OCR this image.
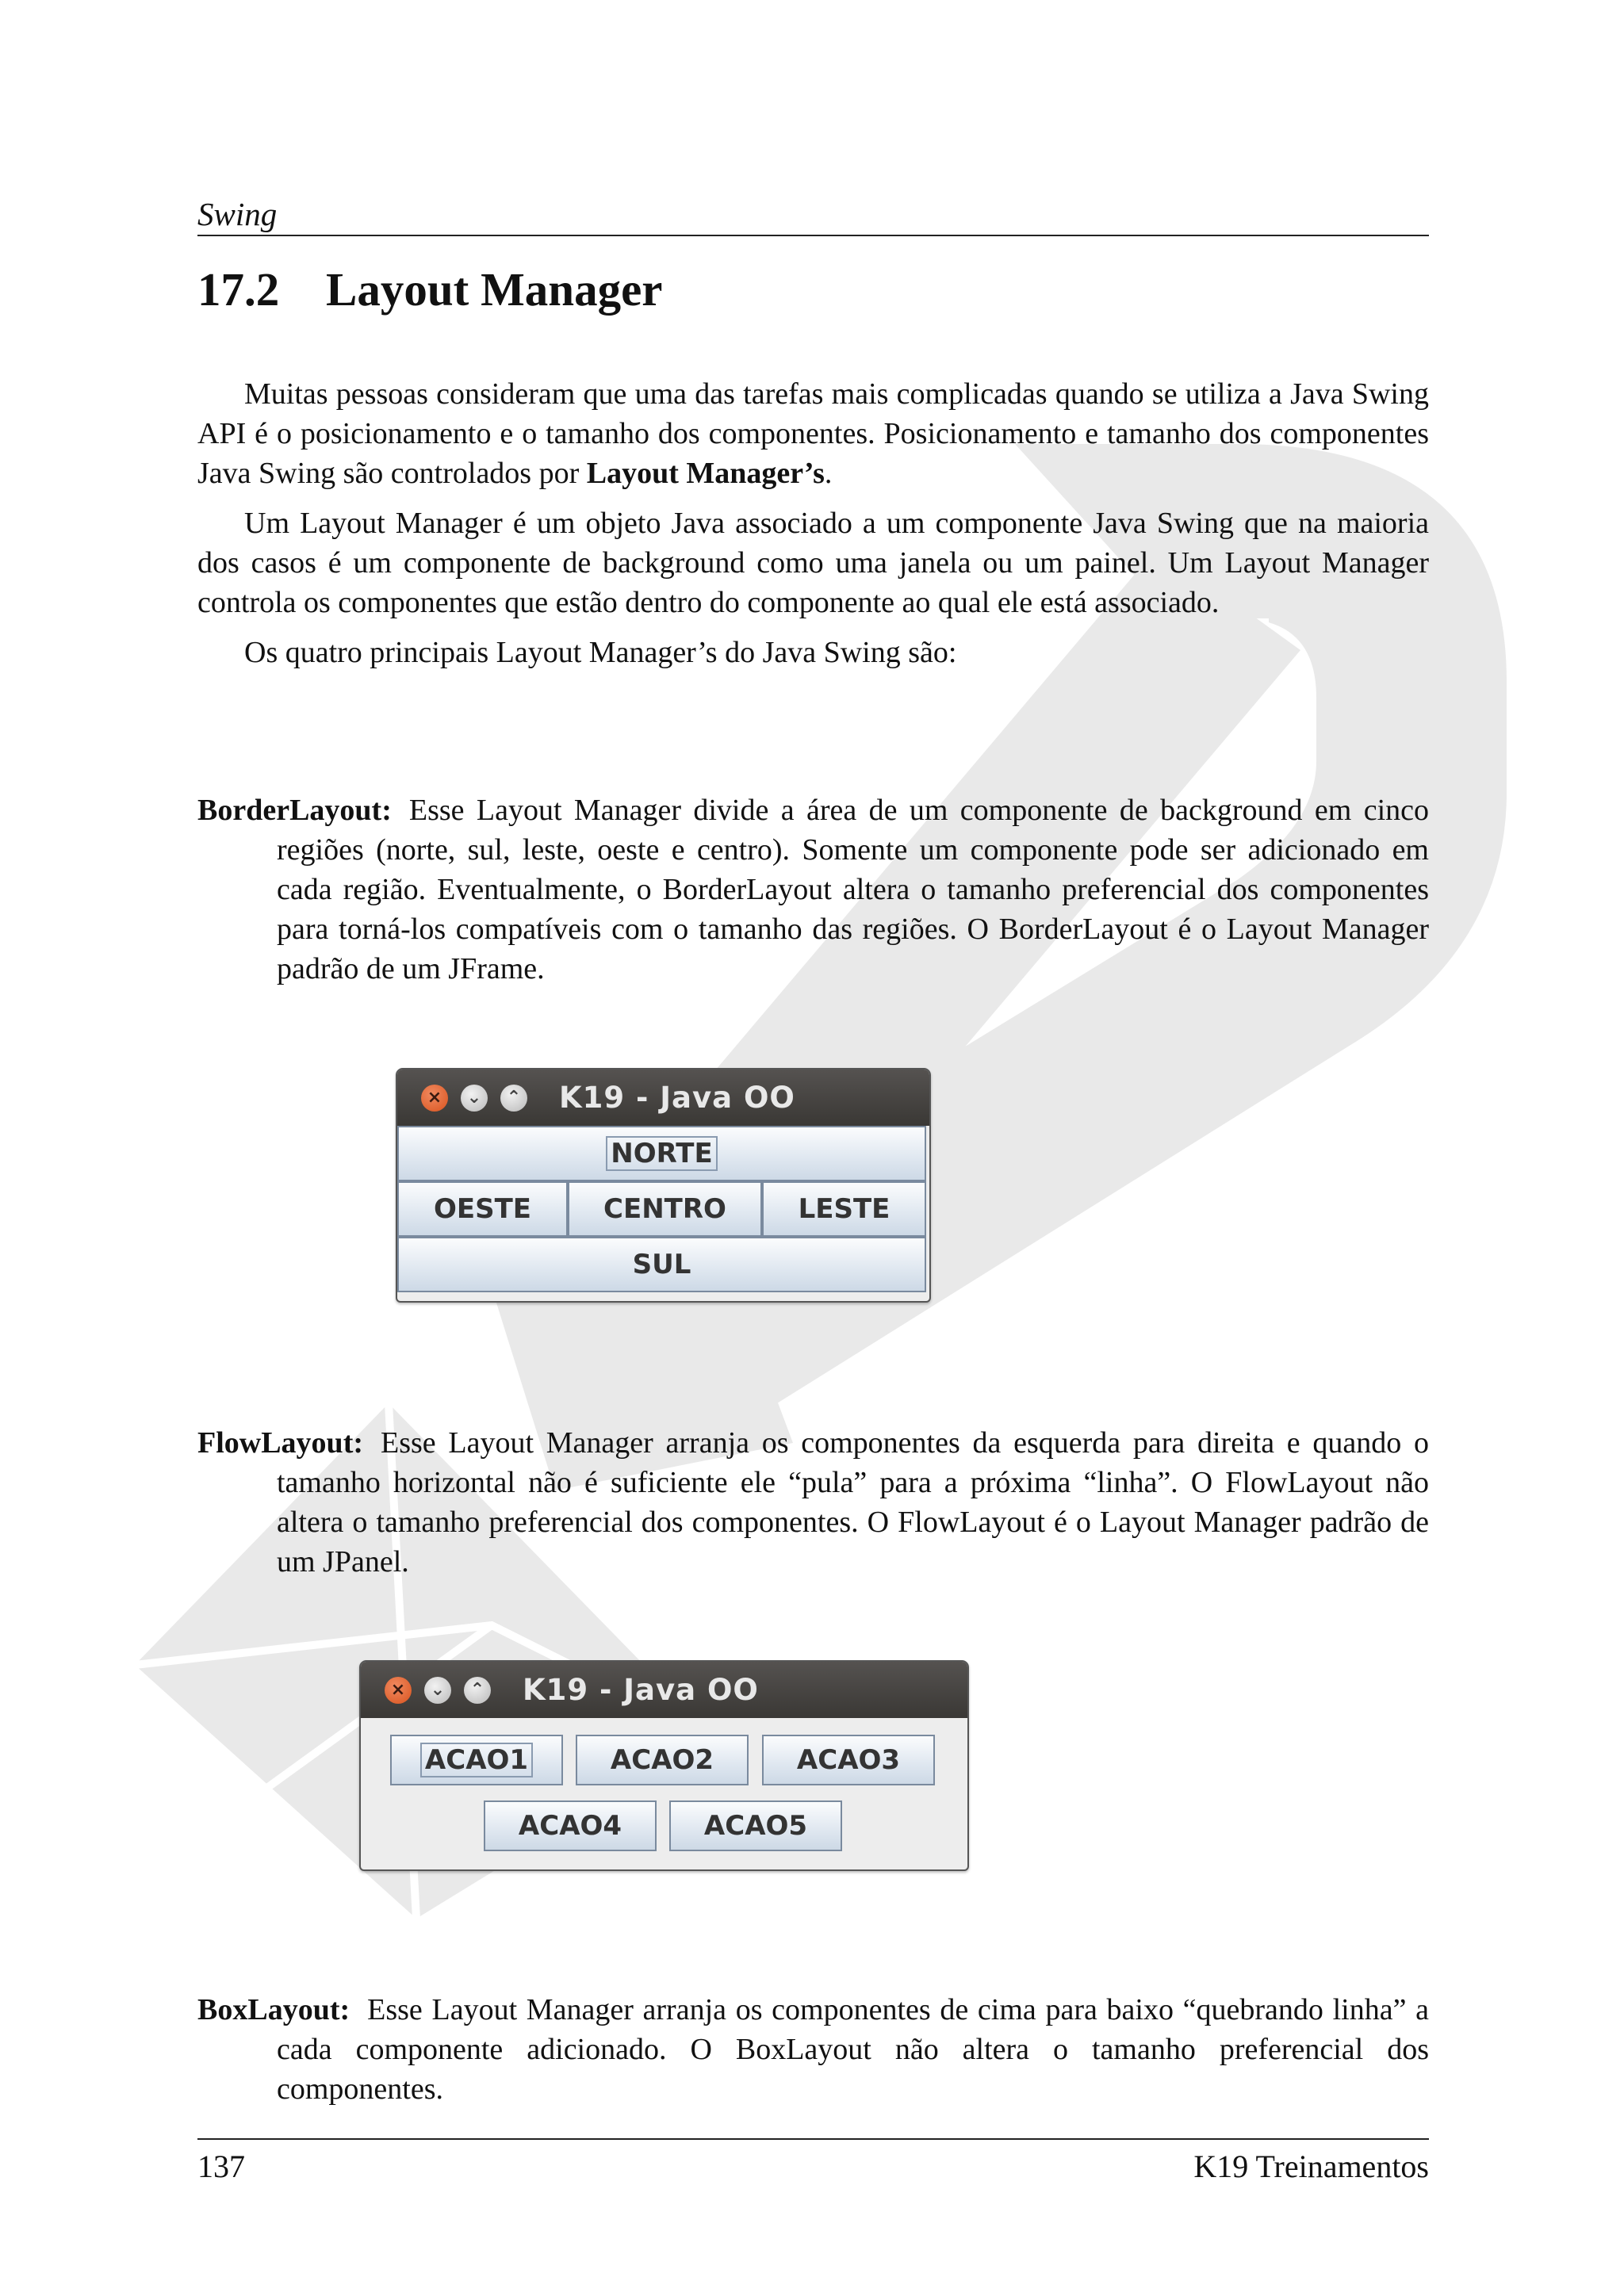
Swing
17.2 Layout Manager

Muitas pessoas consideram que uma das tarefas mais complicadas quando se utiliza a Java Swing API é o posicionamento e o tamanho dos componentes. Posicionamento e tamanho dos componentes Java Swing são controlados por Layout Manager’s.

Um Layout Manager é um objeto Java associado a um componente Java Swing que na maioria dos casos é um componente de background como uma janela ou um painel. Um Layout Manager controla os componentes que estão dentro do componente ao qual ele está associado.

Os quatro principais Layout Manager’s do Java Swing são:

BorderLayout: Esse Layout Manager divide a área de um componente de background em cinco regiões (norte, sul, leste, oeste e centro). Somente um componente pode ser adicionado em cada região. Eventualmente, o BorderLayout altera o tamanho preferencial dos componentes para torná-los compatíveis com o tamanho das regiões. O BorderLayout é o Layout Manager padrão de um JFrame.

FlowLayout: Esse Layout Manager arranja os componentes da esquerda para direita e quando o tamanho horizontal não é suficiente ele “pula” para a próxima “linha”. O FlowLayout não altera o tamanho preferencial dos componentes. O FlowLayout é o Layout Manager padrão de um JPanel.

BoxLayout: Esse Layout Manager arranja os componentes de cima para baixo “quebrando linha” a cada componente adicionado. O BoxLayout não altera o tamanho preferencial dos componentes.

137	K19 Treinamentos
×	⌄	⌃ K19 - Java OO
NORTE
OESTE	CENTRO	LESTE
SUL
×	⌄	⌃ K19 - Java OO
ACAO1	ACAO2	ACAO3
ACAO4	ACAO5
